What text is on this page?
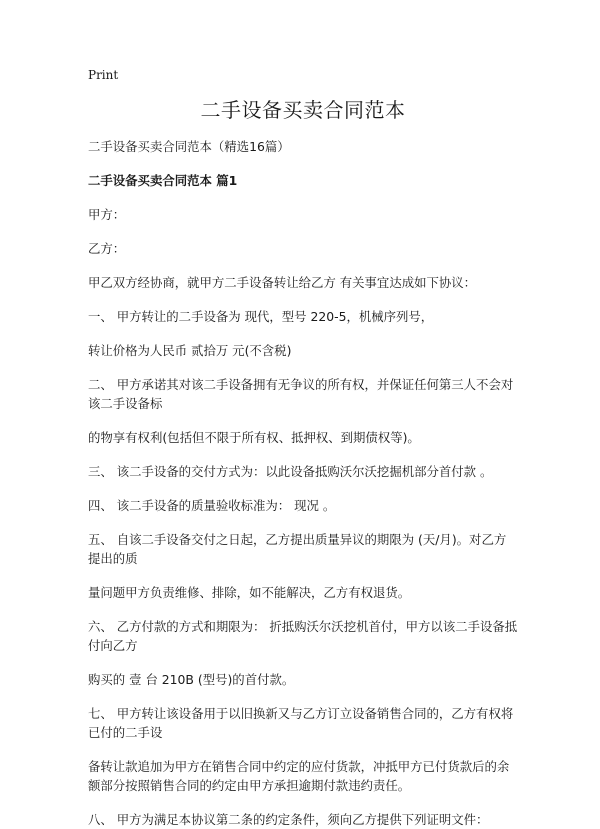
Print
二手设备买卖合同范本
二手设备买卖合同范本（精选16篇）
二手设备买卖合同范本 篇1
甲方：
乙方：
甲乙双方经协商，就甲方二手设备转让给乙方 有关事宜达成如下协议：
一、 甲方转让的二手设备为 现代，型号 220-5，机械序列号，
转让价格为人民币 贰拾万 元(不含税)
二、 甲方承诺其对该二手设备拥有无争议的所有权，并保证任何第三人不会对该二手设备标
的物享有权利(包括但不限于所有权、抵押权、到期债权等)。
三、 该二手设备的交付方式为：以此设备抵购沃尔沃挖掘机部分首付款 。
四、 该二手设备的质量验收标准为： 现况 。
五、 自该二手设备交付之日起，乙方提出质量异议的期限为 (天/月)。对乙方提出的质
量问题甲方负责维修、排除，如不能解决，乙方有权退货。
六、 乙方付款的方式和期限为： 折抵购沃尔沃挖机首付，甲方以该二手设备抵付向乙方
购买的 壹 台 210B (型号)的首付款。
七、 甲方转让该设备用于以旧换新又与乙方订立设备销售合同的，乙方有权将已付的二手设
备转让款追加为甲方在销售合同中约定的应付货款，冲抵甲方已付货款后的余额部分按照销售合同的约定由甲方承担逾期付款违约责任。
八、 甲方为满足本协议第二条的约定条件，须向乙方提供下列证明文件：
